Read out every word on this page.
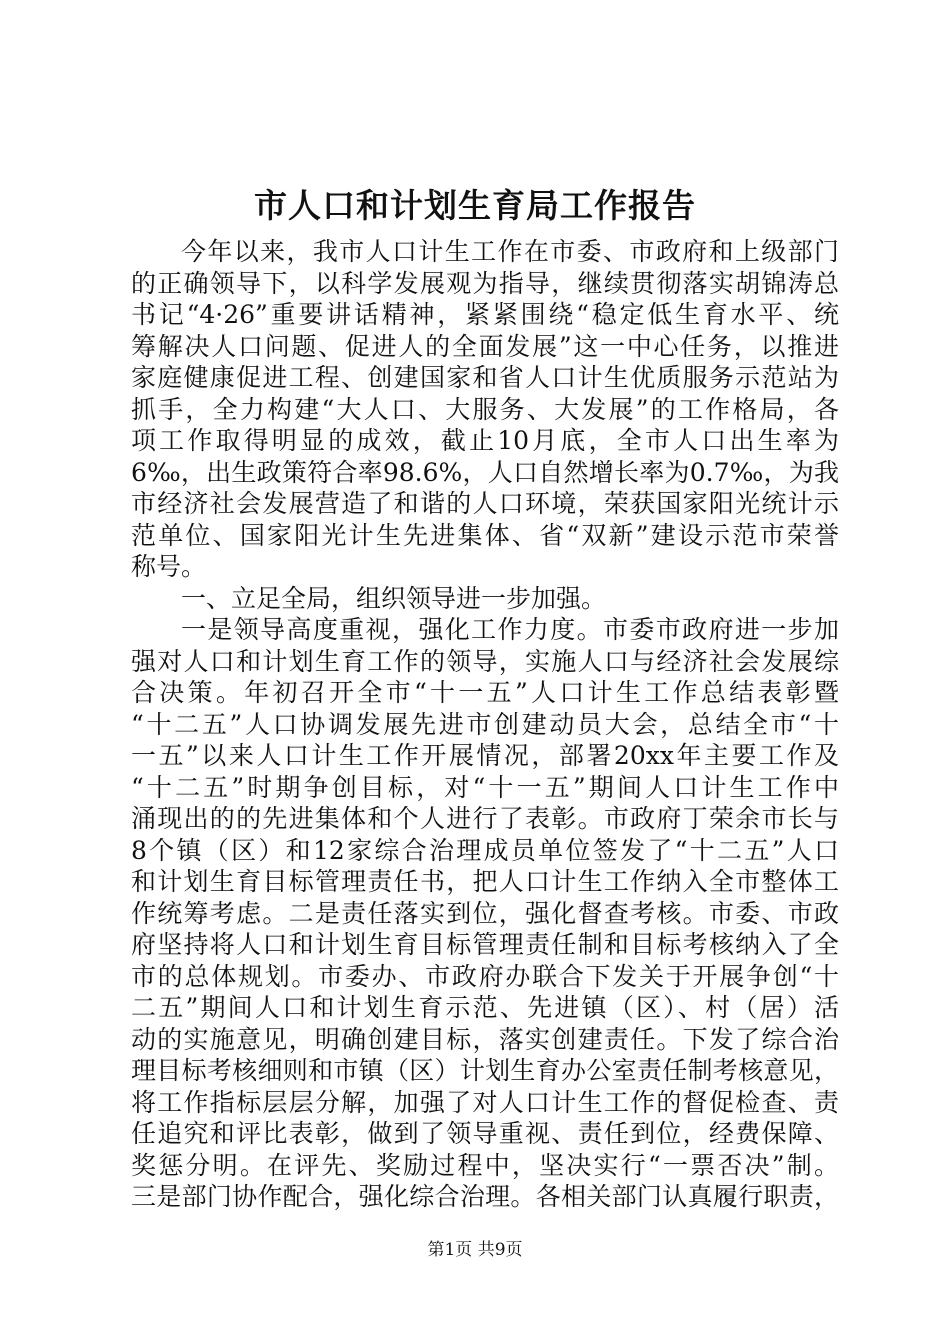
市人口和计划生育局工作报告
今年以来，我市人口计生工作在市委、市政府和上级部门
的正确领导下，以科学发展观为指导，继续贯彻落实胡锦涛总
书记“4·26”重要讲话精神，紧紧围绕“稳定低生育水平、统
筹解决人口问题、促进人的全面发展”这一中心任务，以推进
家庭健康促进工程、创建国家和省人口计生优质服务示范站为
抓手，全力构建“大人口、大服务、大发展”的工作格局，各
项工作取得明显的成效，截止10月底，全市人口出生率为
6‰，出生政策符合率98.6%，人口自然增长率为0.7‰，为我
市经济社会发展营造了和谐的人口环境，荣获国家阳光统计示
范单位、国家阳光计生先进集体、省“双新”建设示范市荣誉
称号。
一、立足全局，组织领导进一步加强。
一是领导高度重视，强化工作力度。市委市政府进一步加
强对人口和计划生育工作的领导，实施人口与经济社会发展综
合决策。年初召开全市“十一五”人口计生工作总结表彰暨
“十二五”人口协调发展先进市创建动员大会，总结全市“十
一五”以来人口计生工作开展情况，部署20xx年主要工作及
“十二五”时期争创目标，对“十一五”期间人口计生工作中
涌现出的的先进集体和个人进行了表彰。市政府丁荣余市长与
8个镇（区）和12家综合治理成员单位签发了“十二五”人口
和计划生育目标管理责任书，把人口计生工作纳入全市整体工
作统筹考虑。二是责任落实到位，强化督查考核。市委、市政
府坚持将人口和计划生育目标管理责任制和目标考核纳入了全
市的总体规划。市委办、市政府办联合下发关于开展争创“十
二五”期间人口和计划生育示范、先进镇（区）、村（居）活
动的实施意见，明确创建目标，落实创建责任。下发了综合治
理目标考核细则和市镇（区）计划生育办公室责任制考核意见，
将工作指标层层分解，加强了对人口计生工作的督促检查、责
任追究和评比表彰，做到了领导重视、责任到位，经费保障、
奖惩分明。在评先、奖励过程中，坚决实行“一票否决”制。
三是部门协作配合，强化综合治理。各相关部门认真履行职责，
第1页 共9页
